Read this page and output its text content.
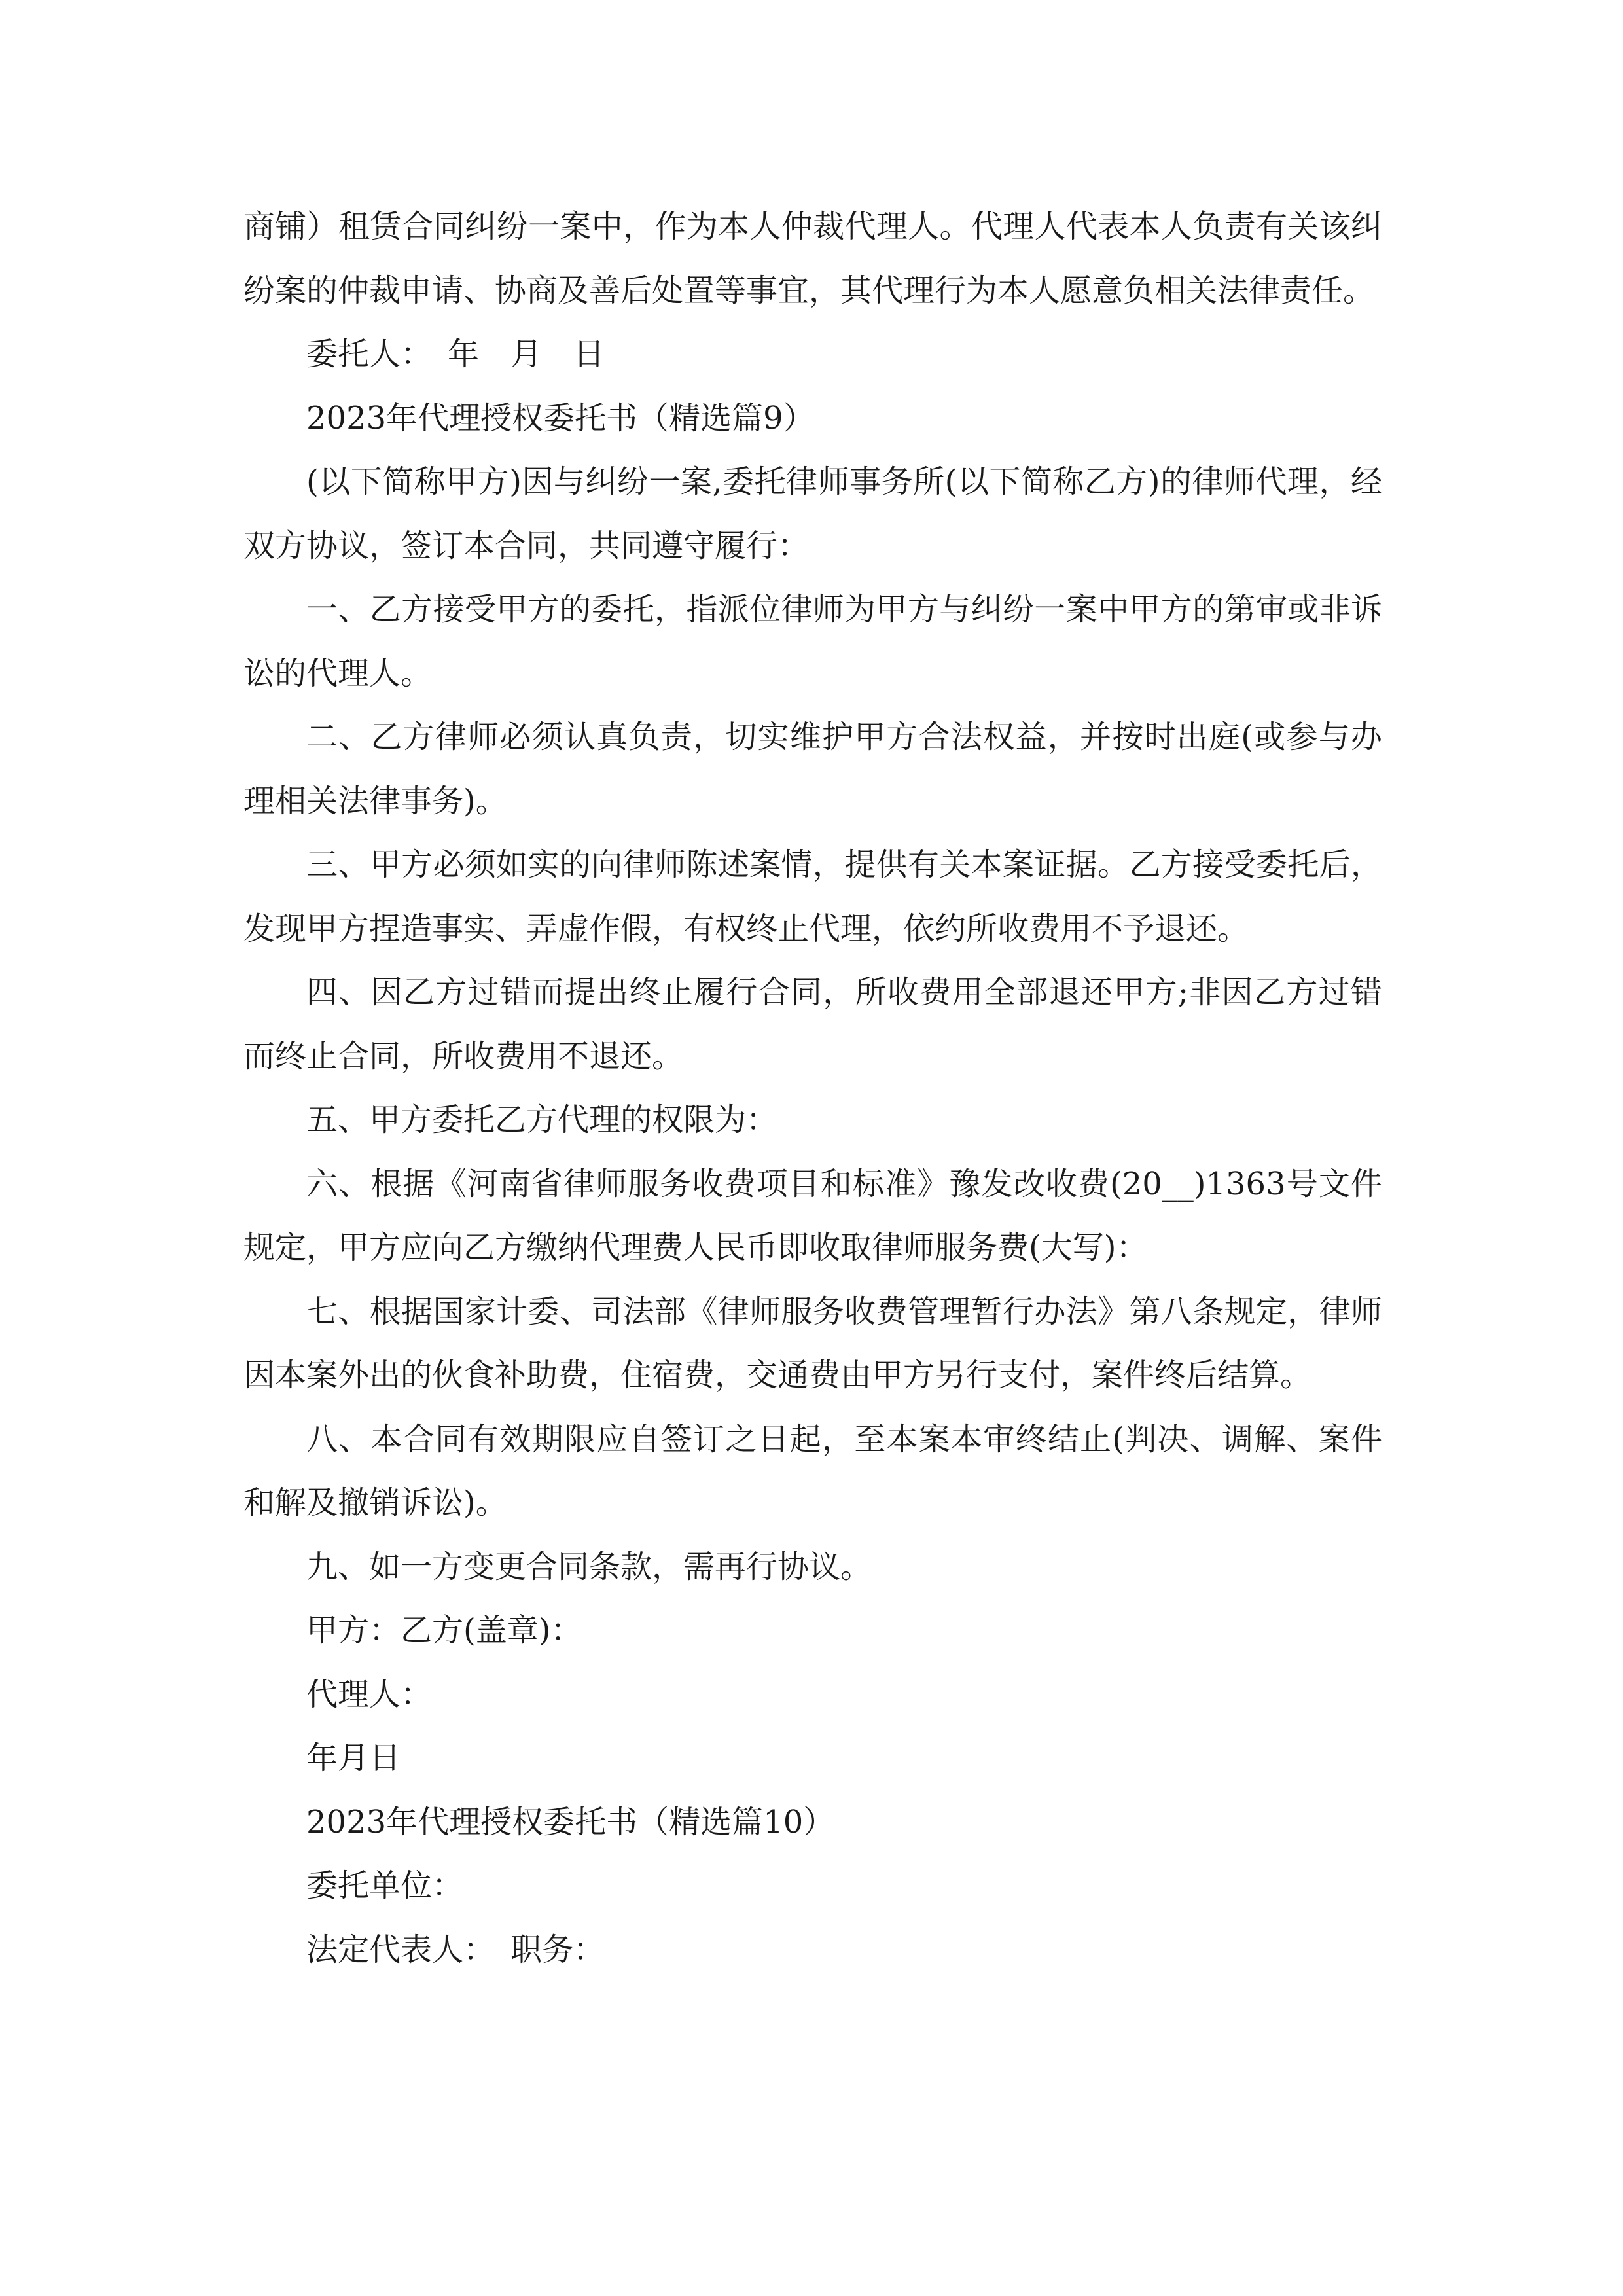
商铺）租赁合同纠纷一案中，作为本人仲裁代理人。代理人代表本人负责有关该纠纷案的仲裁申请、协商及善后处置等事宜，其代理行为本人愿意负相关法律责任。

委托人：　年　月　日

2023年代理授权委托书（精选篇9）

(以下简称甲方)因与纠纷一案,委托律师事务所(以下简称乙方)的律师代理，经双方协议，签订本合同，共同遵守履行：

一、乙方接受甲方的委托，指派位律师为甲方与纠纷一案中甲方的第审或非诉讼的代理人。

二、乙方律师必须认真负责，切实维护甲方合法权益，并按时出庭(或参与办理相关法律事务)。

三、甲方必须如实的向律师陈述案情，提供有关本案证据。乙方接受委托后，发现甲方捏造事实、弄虚作假，有权终止代理，依约所收费用不予退还。

四、因乙方过错而提出终止履行合同，所收费用全部退还甲方;非因乙方过错而终止合同，所收费用不退还。

五、甲方委托乙方代理的权限为：

六、根据《河南省律师服务收费项目和标准》豫发改收费(20__)1363号文件规定，甲方应向乙方缴纳代理费人民币即收取律师服务费(大写)：

七、根据国家计委、司法部《律师服务收费管理暂行办法》第八条规定，律师因本案外出的伙食补助费，住宿费，交通费由甲方另行支付，案件终后结算。

八、本合同有效期限应自签订之日起，至本案本审终结止(判决、调解、案件和解及撤销诉讼)。

九、如一方变更合同条款，需再行协议。

甲方：乙方(盖章)：

代理人：

年月日

2023年代理授权委托书（精选篇10）

委托单位：

法定代表人：　职务：
